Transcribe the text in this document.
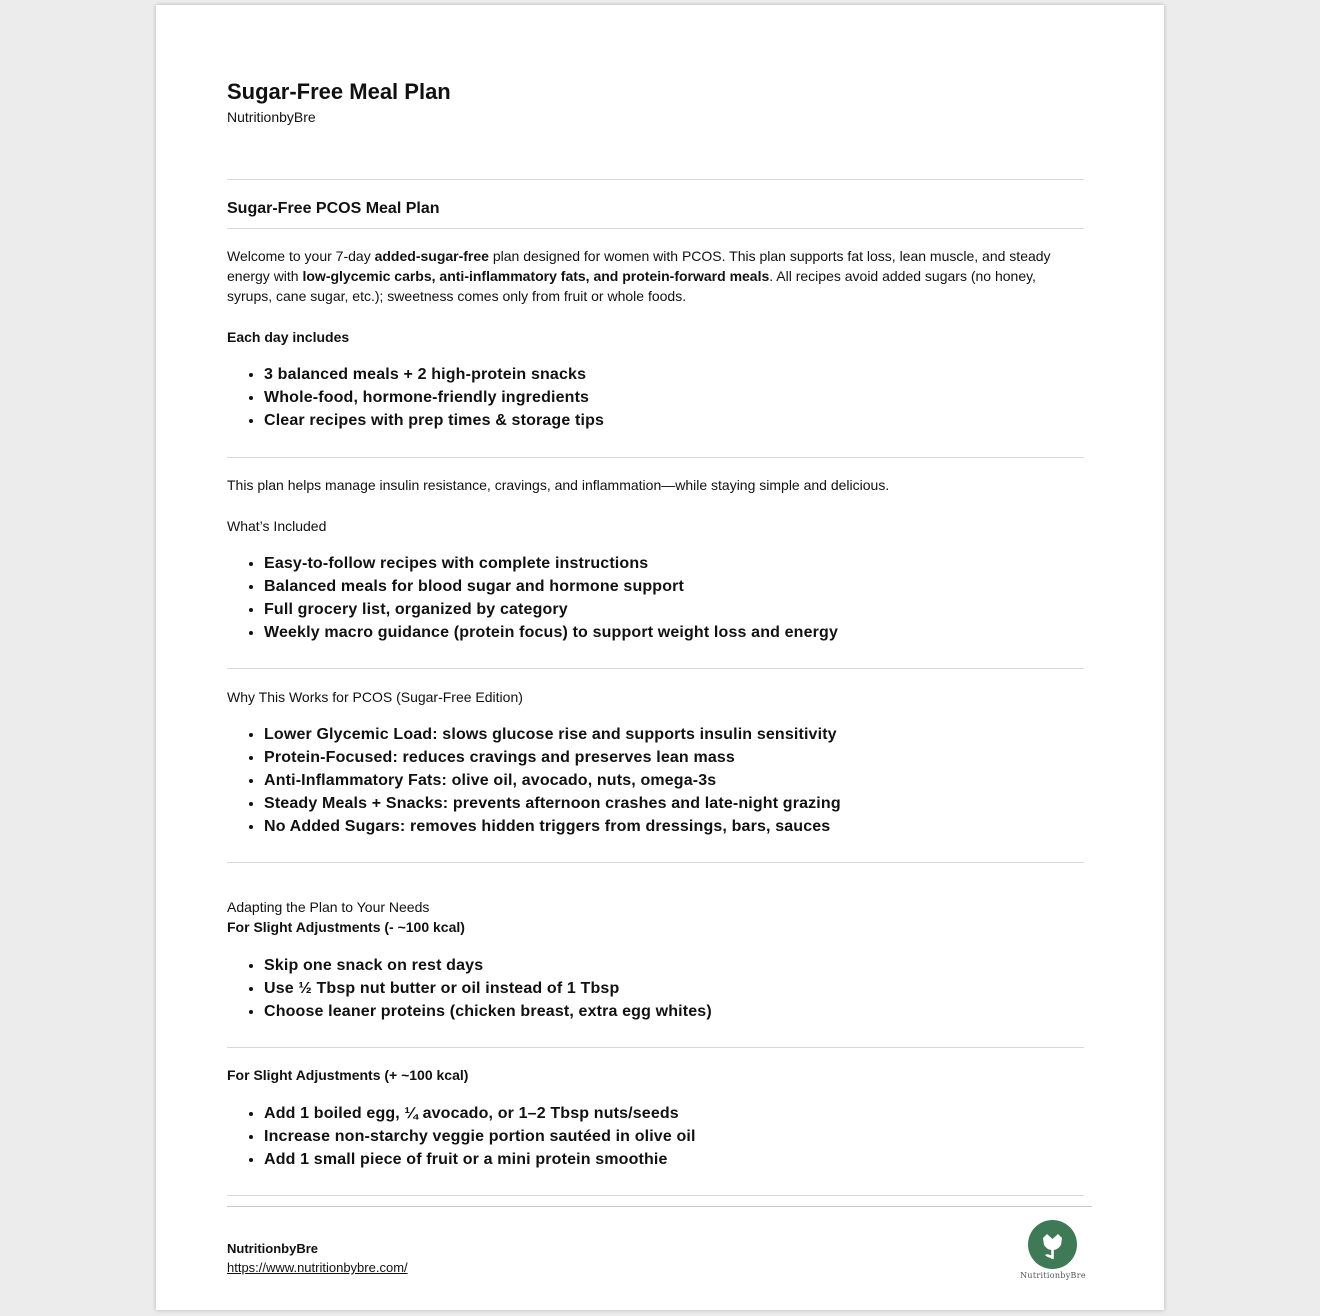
Sugar-Free Meal Plan
NutritionbyBre
Sugar-Free PCOS Meal Plan

Welcome to your 7-day added-sugar-free plan designed for women with PCOS. This plan supports fat loss, lean muscle, and steady energy with low-glycemic carbs, anti-inflammatory fats, and protein-forward meals. All recipes avoid added sugars (no honey, syrups, cane sugar, etc.); sweetness comes only from fruit or whole foods.

Each day includes
• 3 balanced meals + 2 high-protein snacks
• Whole-food, hormone-friendly ingredients
• Clear recipes with prep times & storage tips
This plan helps manage insulin resistance, cravings, and inflammation—while staying simple and delicious.
What’s Included
• Easy-to-follow recipes with complete instructions
• Balanced meals for blood sugar and hormone support
• Full grocery list, organized by category
• Weekly macro guidance (protein focus) to support weight loss and energy
Why This Works for PCOS (Sugar-Free Edition)
• Lower Glycemic Load: slows glucose rise and supports insulin sensitivity
• Protein-Focused: reduces cravings and preserves lean mass
• Anti-Inflammatory Fats: olive oil, avocado, nuts, omega-3s
• Steady Meals + Snacks: prevents afternoon crashes and late-night grazing
• No Added Sugars: removes hidden triggers from dressings, bars, sauces
Adapting the Plan to Your Needs
For Slight Adjustments (- ~100 kcal)
• Skip one snack on rest days
• Use ½ Tbsp nut butter or oil instead of 1 Tbsp
• Choose leaner proteins (chicken breast, extra egg whites)
For Slight Adjustments (+ ~100 kcal)
• Add 1 boiled egg, ¼ avocado, or 1–2 Tbsp nuts/seeds
• Increase non-starchy veggie portion sautéed in olive oil
• Add 1 small piece of fruit or a mini protein smoothie
NutritionbyBre
https://www.nutritionbybre.com/
NutritionbyBre
